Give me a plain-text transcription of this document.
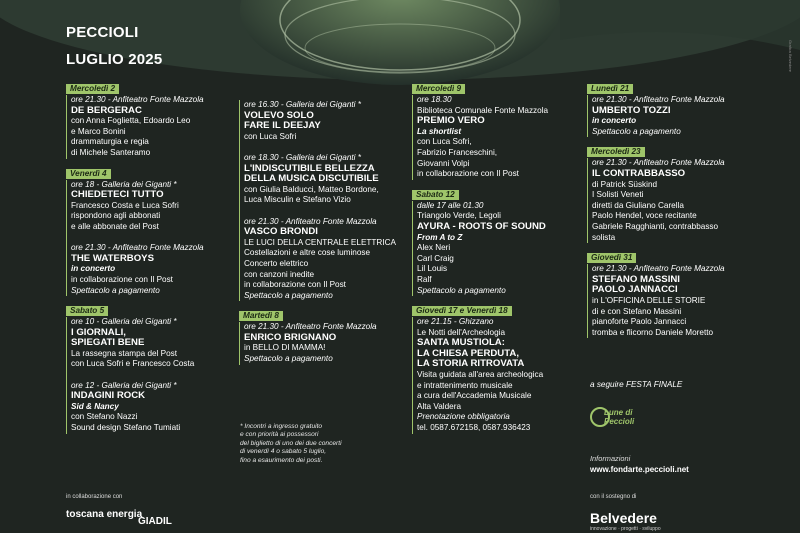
Grafica Belvedere
PECCIOLI
LUGLIO 2025
Mercoledì 2
ore 21.30 - Anfiteatro Fonte Mazzola
DE BERGERAC
con Anna Foglietta, Edoardo Leo
e Marco Bonini
drammaturgia e regia
di Michele Santeramo
Venerdì 4
ore 18 - Galleria dei Giganti *
CHIEDETECI TUTTO
Francesco Costa e Luca Sofri
rispondono agli abbonati
e alle abbonate del Post
ore 21.30 - Anfiteatro Fonte Mazzola
THE WATERBOYS
in concerto
in collaborazione con Il Post
Spettacolo a pagamento
Sabato 5
ore 10 - Galleria dei Giganti *
I GIORNALI,
SPIEGATI BENE
La rassegna stampa del Post
con Luca Sofri e Francesco Costa
ore 12 - Galleria dei Giganti *
INDAGINI ROCK
Sid & Nancy
con Stefano Nazzi
Sound design Stefano Tumiati
ore 16.30 - Galleria dei Giganti *
VOLEVO SOLO
FARE IL DEEJAY
con Luca Sofri
ore 18.30 - Galleria dei Giganti *
L'INDISCUTIBILE BELLEZZA
DELLA MUSICA DISCUTIBILE
con Giulia Balducci, Matteo Bordone,
Luca Misculin e Stefano Vizio
ore 21.30 - Anfiteatro Fonte Mazzola
VASCO BRONDI
LE LUCI DELLA CENTRALE ELETTRICA
Costellazioni e altre cose luminose
Concerto elettrico
con canzoni inedite
in collaborazione con Il Post
Spettacolo a pagamento
Martedì 8
ore 21.30 - Anfiteatro Fonte Mazzola
ENRICO BRIGNANO
in BELLO DI MAMMA!
Spettacolo a pagamento
Mercoledì 9
ore 18.30
Biblioteca Comunale Fonte Mazzola
PREMIO VERO
La shortlist
con Luca Sofri,
Fabrizio Franceschini,
Giovanni Volpi
in collaborazione con Il Post
Sabato 12
dalle 17 alle 01.30
Triangolo Verde, Legoli
AYURA - ROOTS OF SOUND
From A to Z
Alex Neri
Carl Craig
Lil Louis
Ralf
Spettacolo a pagamento
Giovedì 17 e Venerdì 18
ore 21.15 - Ghizzano
Le Notti dell'Archeologia
SANTA MUSTIOLA:
LA CHIESA PERDUTA,
LA STORIA RITROVATA
Visita guidata all'area archeologica
e intrattenimento musicale
a cura dell'Accademia Musicale
Alta Valdera
Prenotazione obbligatoria
tel. 0587.672158, 0587.936423
Lunedì 21
ore 21.30 - Anfiteatro Fonte Mazzola
UMBERTO TOZZI
in concerto
Spettacolo a pagamento
Mercoledì 23
ore 21.30 - Anfiteatro Fonte Mazzola
IL CONTRABBASSO
di Patrick Süskind
I Solisti Veneti
diretti da Giuliano Carella
Paolo Hendel, voce recitante
Gabriele Ragghianti, contrabbasso
solista
Giovedì 31
ore 21.30 - Anfiteatro Fonte Mazzola
STEFANO MASSINI
PAOLO JANNACCI
in L'OFFICINA DELLE STORIE
di e con Stefano Massini
pianoforte Paolo Jannacci
tromba e flicorno Daniele Moretto
a seguire FESTA FINALE
* Incontri a ingresso gratuito
e con priorità ai possessori
del biglietto di uno dei due concerti
di venerdì 4 o sabato 5 luglio,
fino a esaurimento dei posti.
Lune di Peccioli
Informazioni
www.fondarte.peccioli.net
in collaborazione con
toscana energia
GIADIL
con il sostegno di
Belvedere
innovazione · progetti · sviluppo
